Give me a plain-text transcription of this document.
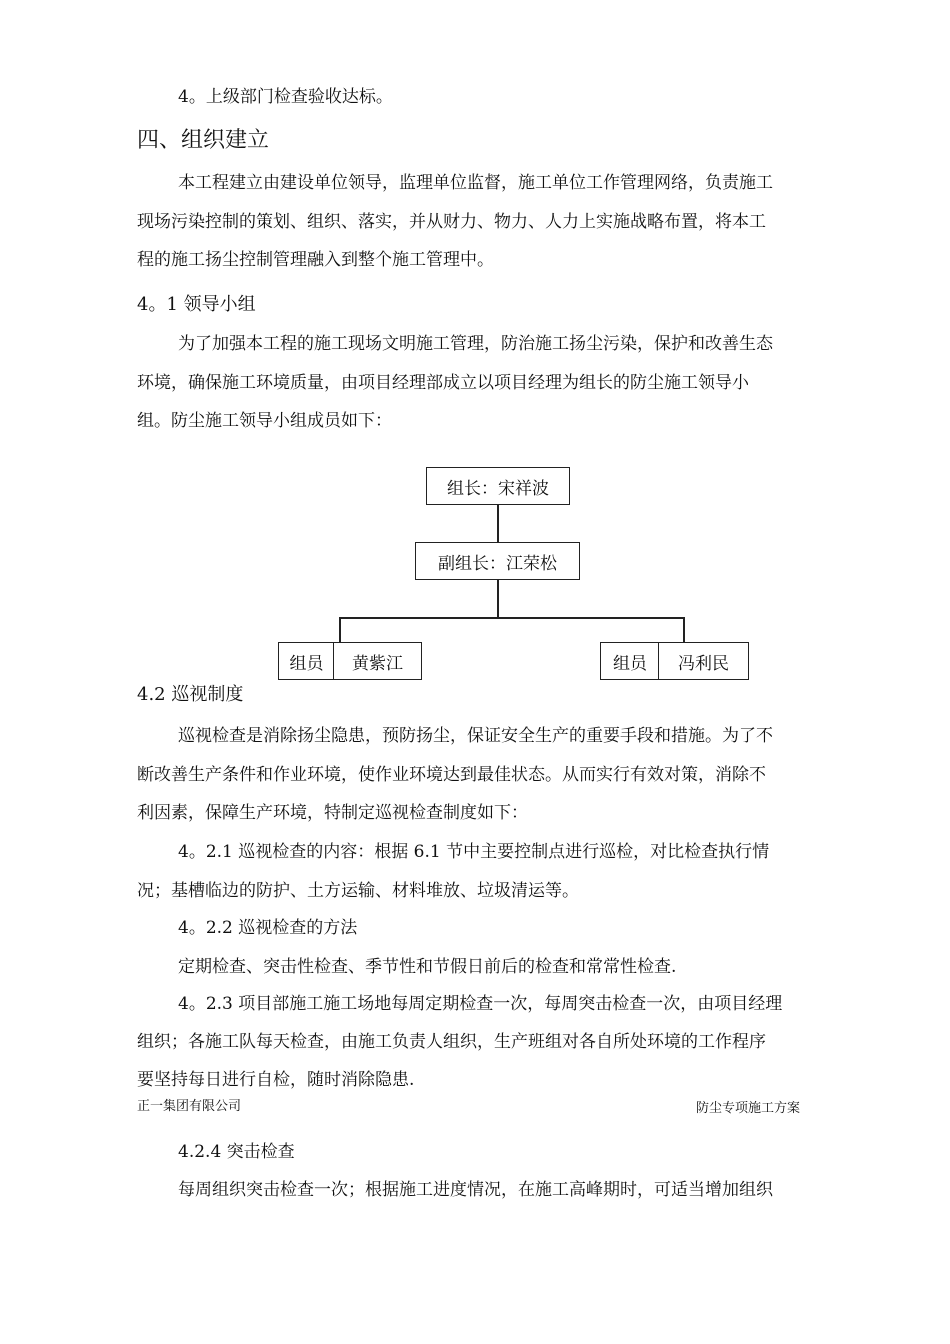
4。上级部门检查验收达标。
四、组织建立
本工程建立由建设单位领导，监理单位监督，施工单位工作管理网络，负责施工
现场污染控制的策划、组织、落实，并从财力、物力、人力上实施战略布置，将本工
程的施工扬尘控制管理融入到整个施工管理中。
4。1 领导小组
为了加强本工程的施工现场文明施工管理，防治施工扬尘污染，保护和改善生态
环境，确保施工环境质量，由项目经理部成立以项目经理为组长的防尘施工领导小
组。防尘施工领导小组成员如下：
组长：宋祥波
副组长：江荣松
组员	黄紫江	组员	冯利民
4.2 巡视制度
巡视检查是消除扬尘隐患，预防扬尘，保证安全生产的重要手段和措施。为了不
断改善生产条件和作业环境，使作业环境达到最佳状态。从而实行有效对策，消除不
利因素，保障生产环境，特制定巡视检查制度如下：
4。2.1 巡视检查的内容：根据 6.1 节中主要控制点进行巡检，对比检查执行情
况；基槽临边的防护、土方运输、材料堆放、垃圾清运等。
4。2.2 巡视检查的方法
定期检查、突击性检查、季节性和节假日前后的检查和常常性检查.
4。2.3 项目部施工施工场地每周定期检查一次，每周突击检查一次，由项目经理
组织；各施工队每天检查，由施工负责人组织，生产班组对各自所处环境的工作程序
要坚持每日进行自检，随时消除隐患.
正一集团有限公司	防尘专项施工方案
4.2.4 突击检查
每周组织突击检查一次；根据施工进度情况，在施工高峰期时，可适当增加组织
